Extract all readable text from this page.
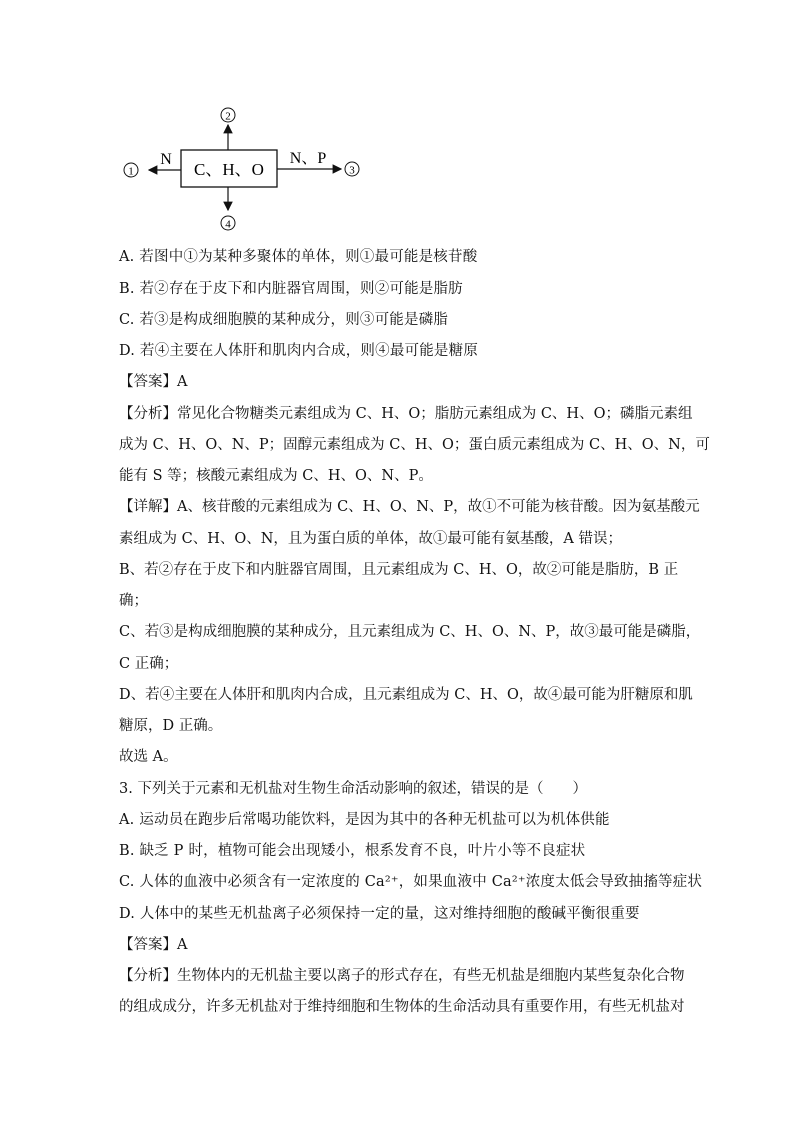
C、H、O
2
4
N
1
N、P
3
A. 若图中①为某种多聚体的单体，则①最可能是核苷酸
B. 若②存在于皮下和内脏器官周围，则②可能是脂肪
C. 若③是构成细胞膜的某种成分，则③可能是磷脂
D. 若④主要在人体肝和肌肉内合成，则④最可能是糖原
【答案】A
【分析】常见化合物糖类元素组成为 C、H、O；脂肪元素组成为 C、H、O；磷脂元素组
成为 C、H、O、N、P；固醇元素组成为 C、H、O；蛋白质元素组成为 C、H、O、N，可
能有 S 等；核酸元素组成为 C、H、O、N、P。
【详解】A、核苷酸的元素组成为 C、H、O、N、P，故①不可能为核苷酸。因为氨基酸元
素组成为 C、H、O、N，且为蛋白质的单体，故①最可能有氨基酸，A 错误；
B、若②存在于皮下和内脏器官周围，且元素组成为 C、H、O，故②可能是脂肪，B 正
确；
C、若③是构成细胞膜的某种成分，且元素组成为 C、H、O、N、P，故③最可能是磷脂，
C 正确；
D、若④主要在人体肝和肌肉内合成，且元素组成为 C、H、O，故④最可能为肝糖原和肌
糖原，D 正确。
故选 A。
3. 下列关于元素和无机盐对生物生命活动影响的叙述，错误的是（　　）
A. 运动员在跑步后常喝功能饮料，是因为其中的各种无机盐可以为机体供能
B. 缺乏 P 时，植物可能会出现矮小，根系发育不良，叶片小等不良症状
C. 人体的血液中必须含有一定浓度的 Ca²⁺，如果血液中 Ca²⁺浓度太低会导致抽搐等症状
D. 人体中的某些无机盐离子必须保持一定的量，这对维持细胞的酸碱平衡很重要
【答案】A
【分析】生物体内的无机盐主要以离子的形式存在，有些无机盐是细胞内某些复杂化合物
的组成成分，许多无机盐对于维持细胞和生物体的生命活动具有重要作用，有些无机盐对
